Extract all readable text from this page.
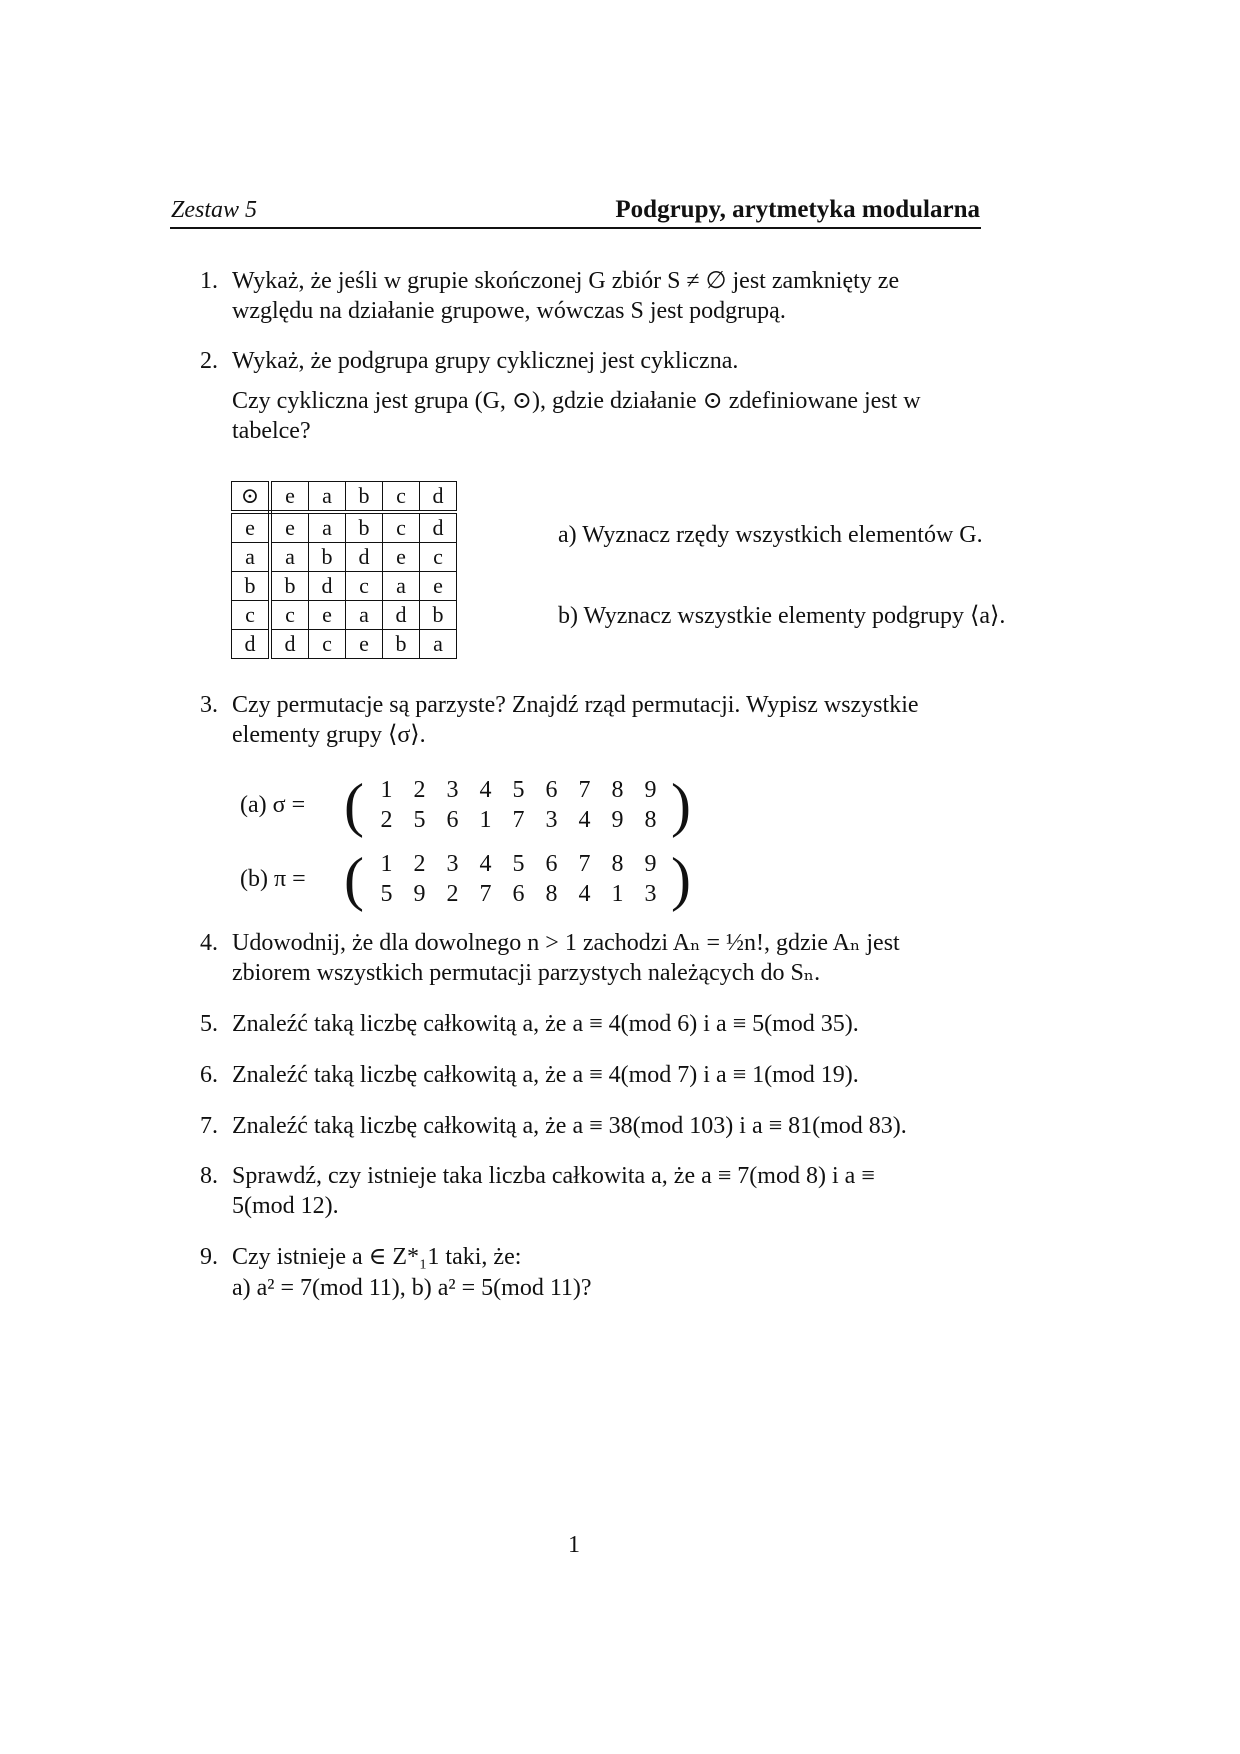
Zestaw 5	Podgrupy, arytmetyka modularna
1. Wykaż, że jeśli w grupie skończonej G zbiór S ≠ ∅ jest zamknięty ze
względu na działanie grupowe, wówczas S jest podgrupą.
2. Wykaż, że podgrupa grupy cyklicznej jest cykliczna.
Czy cykliczna jest grupa (G, ⊙), gdzie działanie ⊙ zdefiniowane jest w
tabelce?
3. Czy permutacje są parzyste? Znajdź rząd permutacji. Wypisz wszystkie
elementy grupy ⟨σ⟩.
4. Udowodnij, że dla dowolnego n > 1 zachodzi Aₙ = ½n!, gdzie Aₙ jest
zbiorem wszystkich permutacji parzystych należących do Sₙ.
5. Znaleźć taką liczbę całkowitą a, że a ≡ 4(mod 6) i a ≡ 5(mod 35).
6. Znaleźć taką liczbę całkowitą a, że a ≡ 4(mod 7) i a ≡ 1(mod 19).
7. Znaleźć taką liczbę całkowitą a, że a ≡ 38(mod 103) i a ≡ 81(mod 83).
8. Sprawdź, czy istnieje taka liczba całkowita a, że a ≡ 7(mod 8) i a ≡
5(mod 12).
9. Czy istnieje a ∈ Z*₁1 taki, że:
a) a² = 7(mod 11), b) a² = 5(mod 11)?
⊙	e	a	b	c	d
e	e	a	b	c	d
a	a	b	d	e	c
b	b	d	c	a	e
c	c	e	a	d	b
d	d	c	e	b	a
a) Wyznacz rzędy wszystkich elementów G.
b) Wyznacz wszystkie elementy podgrupy ⟨a⟩.
(a) σ = (	)
1 2 3 4 5 6 7 8 9
2 5 6 1 7 3 4 9 8
(b) π = (	)
1 2 3 4 5 6 7 8 9
5 9 2 7 6 8 4 1 3
1
